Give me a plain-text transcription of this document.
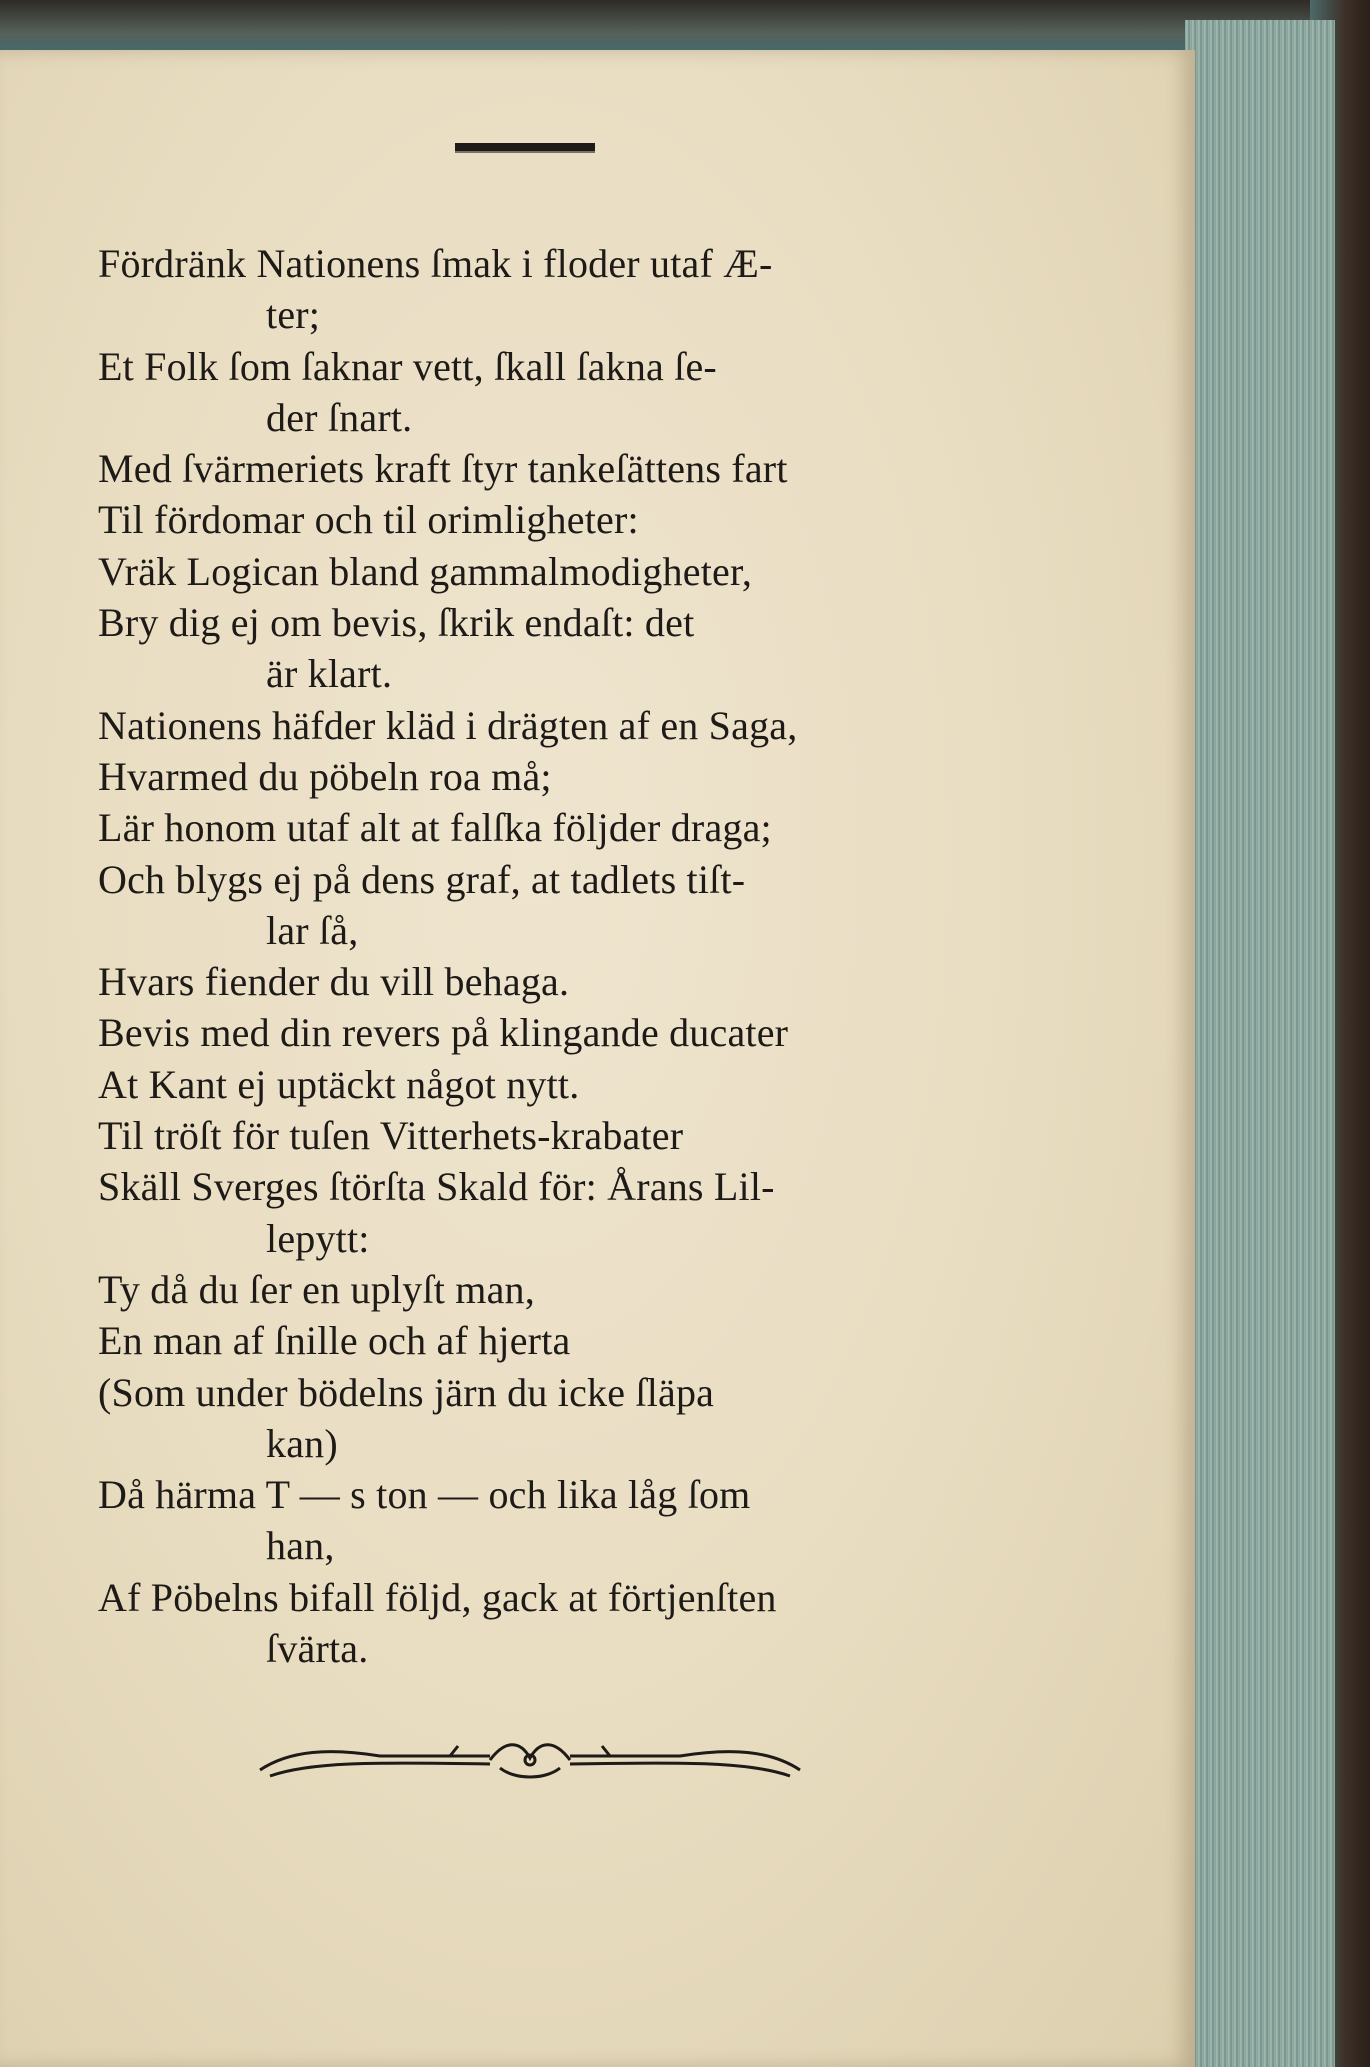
Fördränk Nationens ſmak i floder utaf Æ-
ter;
Et Folk ſom ſaknar vett, ſkall ſakna ſe-
der ſnart.
Med ſvärmeriets kraft ſtyr tankeſättens fart
Til fördomar och til orimligheter:
Vräk Logican bland gammalmodigheter,
Bry dig ej om bevis, ſkrik endaſt: det
är klart.
Nationens häfder kläd i drägten af en Saga,
Hvarmed du pöbeln roa må;
Lär honom utaf alt at falſka följder draga;
Och blygs ej på dens graf, at tadlets tiſt-
lar ſå,
Hvars fiender du vill behaga.
Bevis med din revers på klingande ducater
At Kant ej uptäckt något nytt.
Til tröſt för tuſen Vitterhets-krabater
Skäll Sverges ſtörſta Skald för: Årans Lil-
lepytt:
Ty då du ſer en uplyſt man,
En man af ſnille och af hjerta
(Som under bödelns järn du icke ſläpa
kan)
Då härma T — s ton — och lika låg ſom
han,
Af Pöbelns bifall följd, gack at förtjenſten
ſvärta.
